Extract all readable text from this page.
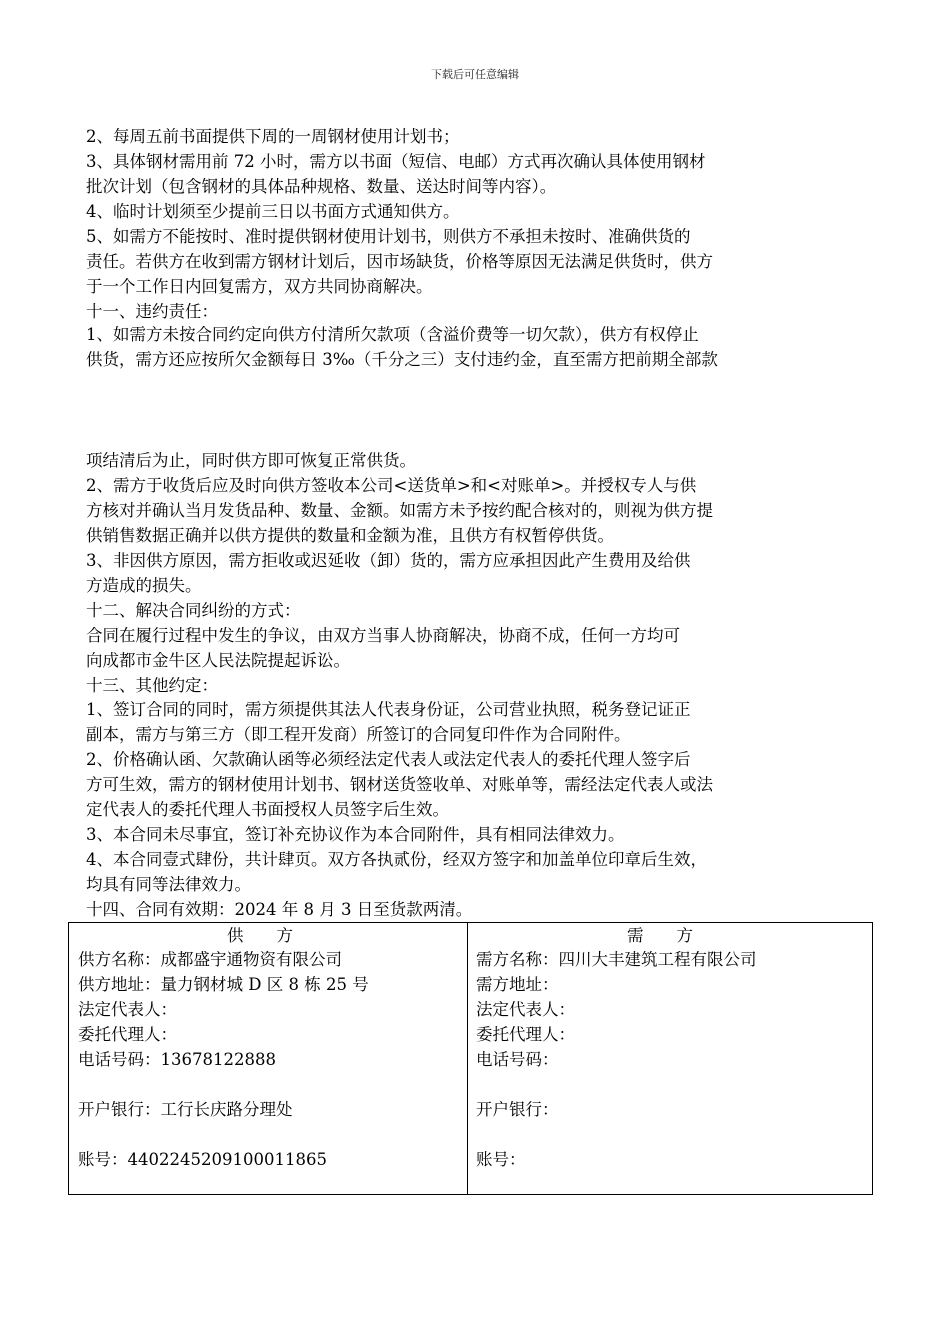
下载后可任意编辑
2、每周五前书面提供下周的一周钢材使用计划书；
3、具体钢材需用前 72 小时，需方以书面（短信、电邮）方式再次确认具体使用钢材
批次计划（包含钢材的具体品种规格、数量、送达时间等内容）。
4、临时计划须至少提前三日以书面方式通知供方。
5、如需方不能按时、准时提供钢材使用计划书，则供方不承担未按时、准确供货的
责任。若供方在收到需方钢材计划后，因市场缺货，价格等原因无法满足供货时，供方
于一个工作日内回复需方，双方共同协商解决。
十一、违约责任：
1、如需方未按合同约定向供方付清所欠款项（含溢价费等一切欠款），供方有权停止
供货，需方还应按所欠金额每日 3‰（千分之三）支付违约金，直至需方把前期全部款
项结清后为止，同时供方即可恢复正常供货。
2、需方于收货后应及时向供方签收本公司<送货单>和<对账单>。并授权专人与供
方核对并确认当月发货品种、数量、金额。如需方未予按约配合核对的，则视为供方提
供销售数据正确并以供方提供的数量和金额为准，且供方有权暂停供货。
3、非因供方原因，需方拒收或迟延收（卸）货的，需方应承担因此产生费用及给供
方造成的损失。
十二、解决合同纠纷的方式：
合同在履行过程中发生的争议，由双方当事人协商解决，协商不成，任何一方均可
向成都市金牛区人民法院提起诉讼。
十三、其他约定：
1、签订合同的同时，需方须提供其法人代表身份证，公司营业执照，税务登记证正
副本，需方与第三方（即工程开发商）所签订的合同复印件作为合同附件。
2、价格确认函、欠款确认函等必须经法定代表人或法定代表人的委托代理人签字后
方可生效，需方的钢材使用计划书、钢材送货签收单、对账单等，需经法定代表人或法
定代表人的委托代理人书面授权人员签字后生效。
3、本合同未尽事宜，签订补充协议作为本合同附件，具有相同法律效力。
4、本合同壹式肆份，共计肆页。双方各执贰份，经双方签字和加盖单位印章后生效，
均具有同等法律效力。
十四、合同有效期：2024 年 8 月 3 日至货款两清。
供　　方
供方名称：成都盛宇通物资有限公司
供方地址：量力钢材城 D 区 8 栋 25 号
法定代表人：
委托代理人：
电话号码：13678122888
开户银行：工行长庆路分理处
账号：4402245209100011865
需　　方
需方名称：四川大丰建筑工程有限公司
需方地址：
法定代表人：
委托代理人：
电话号码：
开户银行：
账号：
